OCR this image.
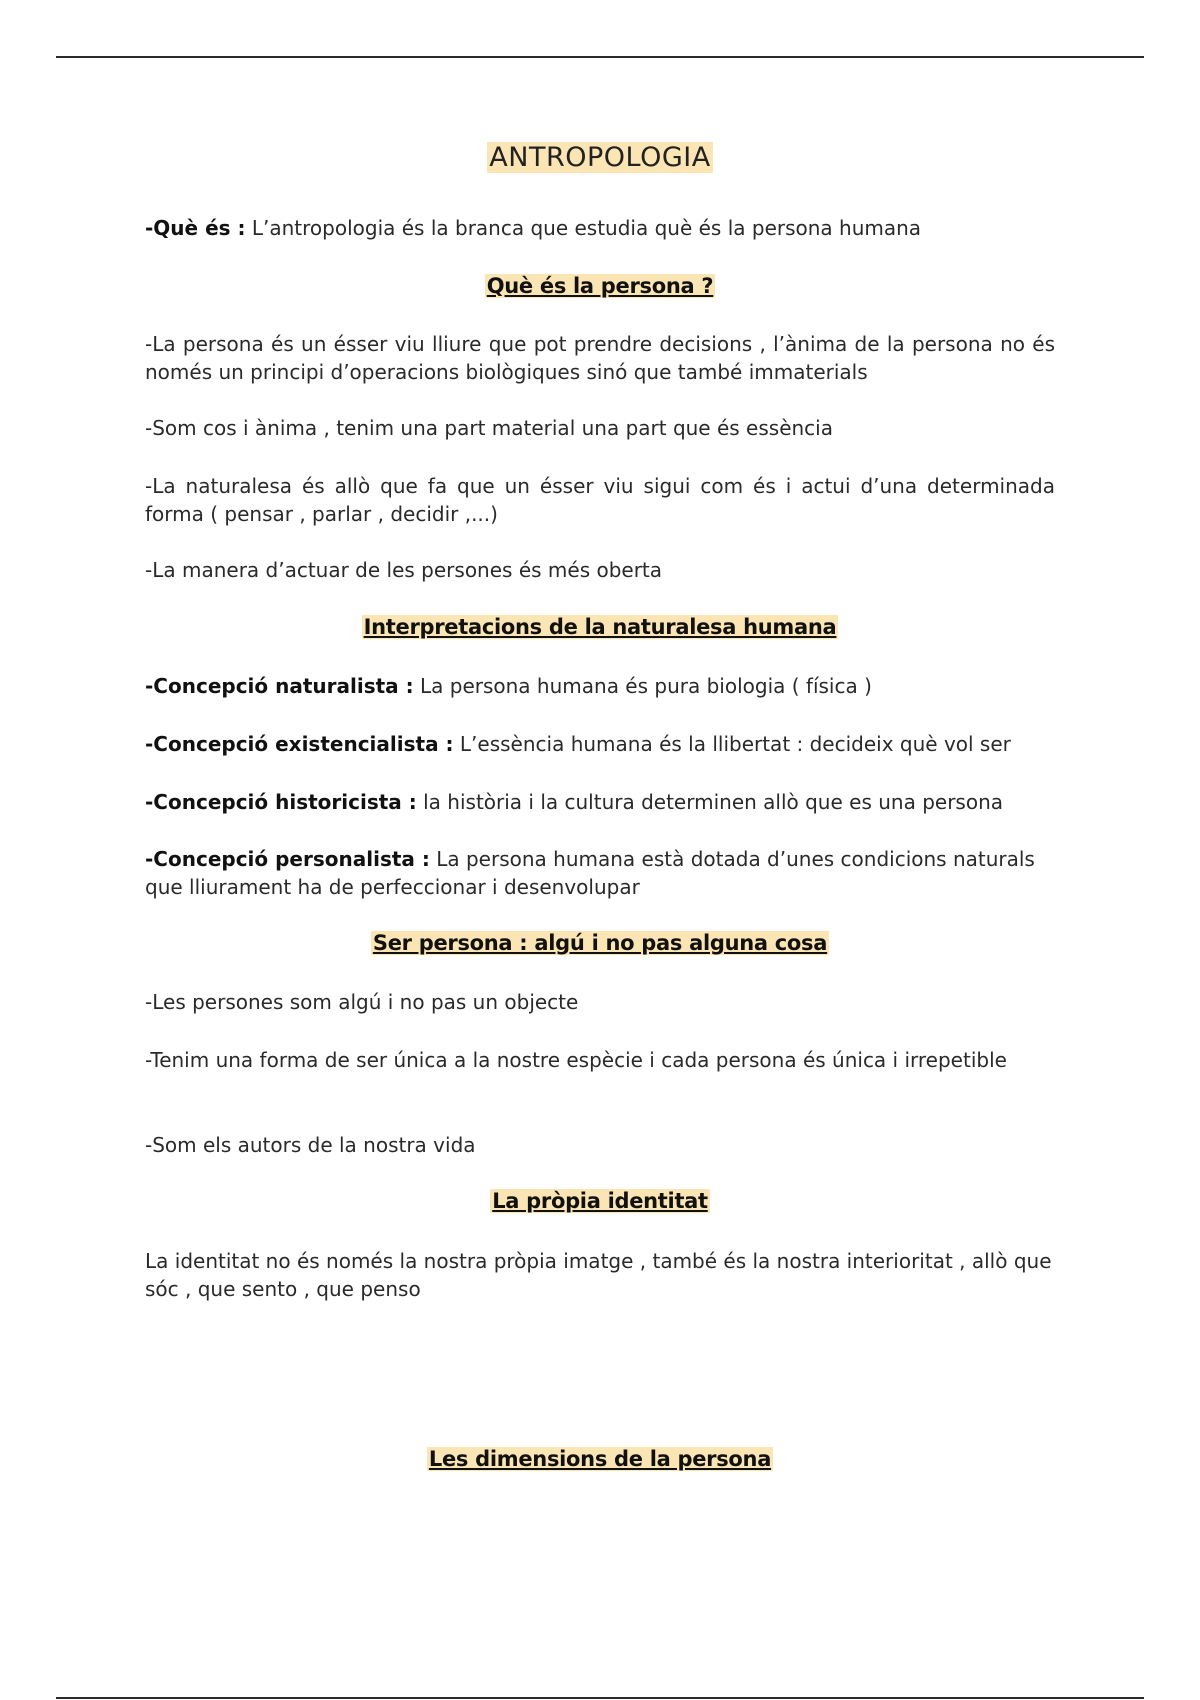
ANTROPOLOGIA
-Què és : L’antropologia és la branca que estudia què és la persona humana
Què és la persona ?
-La persona és un ésser viu lliure que pot prendre decisions , l’ànima de la persona no és només un principi d’operacions biològiques sinó que també immaterials
-Som cos i ànima , tenim una part material una part que és essència
-La naturalesa és allò que fa que un ésser viu sigui com és i actui d’una determinada forma ( pensar , parlar , decidir ,...)
-La manera d’actuar de les persones és més oberta
Interpretacions de la naturalesa humana
-Concepció naturalista : La persona humana és pura biologia ( física )
-Concepció existencialista : L’essència humana és la llibertat : decideix què vol ser
-Concepció historicista : la història i la cultura determinen allò que es una persona
-Concepció personalista : La persona humana està dotada d’unes condicions naturals que lliurament ha de perfeccionar i desenvolupar
Ser persona : algú i no pas alguna cosa
-Les persones som algú i no pas un objecte
-Tenim una forma de ser única a la nostre espècie i cada persona és única i irrepetible
-Som els autors de la nostra vida
La pròpia identitat
La identitat no és només la nostra pròpia imatge , també és la nostra interioritat , allò que sóc , que sento , que penso
Les dimensions de la persona
